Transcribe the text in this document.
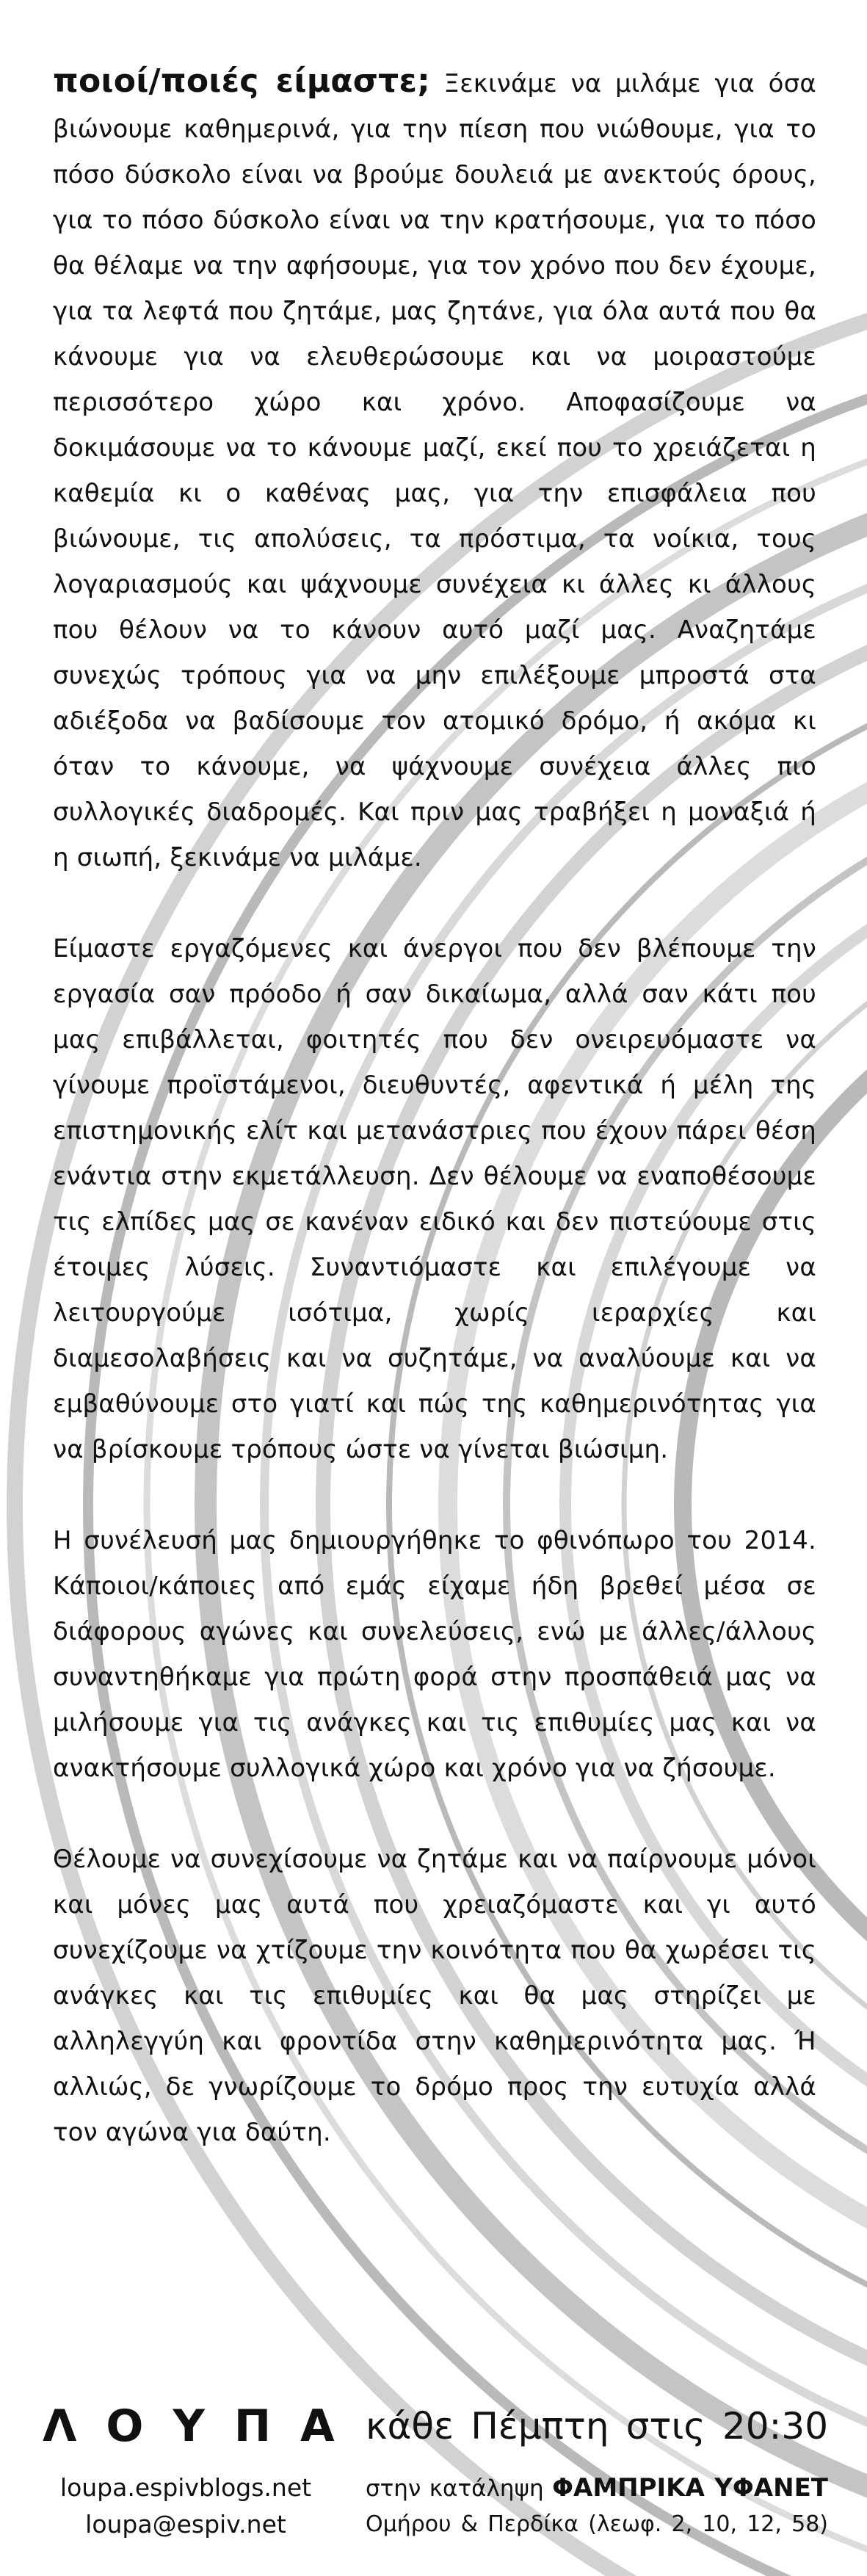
ποιοί/ποιές είμαστε; Ξεκινάμε να μιλάμε για όσα βιώνουμε καθημερινά, για την πίεση που νιώθουμε, για το πόσο δύσκολο είναι να βρούμε δουλειά με ανεκτούς όρους, για το πόσο δύσκολο είναι να την κρατήσουμε, για το πόσο θα θέλαμε να την αφήσουμε, για τον χρόνο που δεν έχουμε, για τα λεφτά που ζητάμε, μας ζητάνε, για όλα αυτά που θα κάνουμε για να ελευθερώσουμε και να μοιραστούμε περισσότερο χώρο και χρόνο. Αποφασίζουμε να δοκιμάσουμε να το κάνουμε μαζί, εκεί που το χρειάζεται η καθεμία κι ο καθένας μας, για την επισφάλεια που βιώνουμε, τις απολύσεις, τα πρόστιμα, τα νοίκια, τους λογαριασμούς και ψάχνουμε συνέχεια κι άλλες κι άλλους που θέλουν να το κάνουν αυτό μαζί μας. Αναζητάμε συνεχώς τρόπους για να μην επιλέξουμε μπροστά στα αδιέξοδα να βαδίσουμε τον ατομικό δρόμο, ή ακόμα κι όταν το κάνουμε, να ψάχνουμε συνέχεια άλλες πιο συλλογικές διαδρομές. Και πριν μας τραβήξει η μοναξιά ή η σιωπή, ξεκινάμε να μιλάμε.

Είμαστε εργαζόμενες και άνεργοι που δεν βλέπουμε την εργασία σαν πρόοδο ή σαν δικαίωμα, αλλά σαν κάτι που μας επιβάλλεται, φοιτητές που δεν ονειρευόμαστε να γίνουμε προϊστάμενοι, διευθυντές, αφεντικά ή μέλη της επιστημονικής ελίτ και μετανάστριες που έχουν πάρει θέση ενάντια στην εκμετάλλευση. Δεν θέλουμε να εναποθέσουμε τις ελπίδες μας σε κανέναν ειδικό και δεν πιστεύουμε στις έτοιμες λύσεις. Συναντιόμαστε και επιλέγουμε να λειτουργούμε ισότιμα, χωρίς ιεραρχίες και διαμεσολαβήσεις και να συζητάμε, να αναλύουμε και να εμβαθύνουμε στο γιατί και πώς της καθημερινότητας για να βρίσκουμε τρόπους ώστε να γίνεται βιώσιμη.

Η συνέλευσή μας δημιουργήθηκε το φθινόπωρο του 2014. Κάποιοι/κάποιες από εμάς είχαμε ήδη βρεθεί μέσα σε διάφορους αγώνες και συνελεύσεις, ενώ με άλλες/άλλους συναντηθήκαμε για πρώτη φορά στην προσπάθειά μας να μιλήσουμε για τις ανάγκες και τις επιθυμίες μας και να ανακτήσουμε συλλογικά χώρο και χρόνο για να ζήσουμε.

Θέλουμε να συνεχίσουμε να ζητάμε και να παίρνουμε μόνοι και μόνες μας αυτά που χρειαζόμαστε και γι αυτό συνεχίζουμε να χτίζουμε την κοινότητα που θα χωρέσει τις ανάγκες και τις επιθυμίες και θα μας στηρίζει με αλληλεγγύη και φροντίδα στην καθημερινότητα μας. Ή αλλιώς, δε γνωρίζουμε το δρόμο προς την ευτυχία αλλά τον αγώνα για δαύτη.

ΛΟΥΠΑ
loupa.espivblogs.net
loupa@espiv.net
κάθε Πέμπτη στις 20:30
στην κατάληψη ΦΑΜΠΡΙΚΑ ΥΦΑΝΕΤ
Ομήρου & Περδίκα (λεωφ. 2, 10, 12, 58)
